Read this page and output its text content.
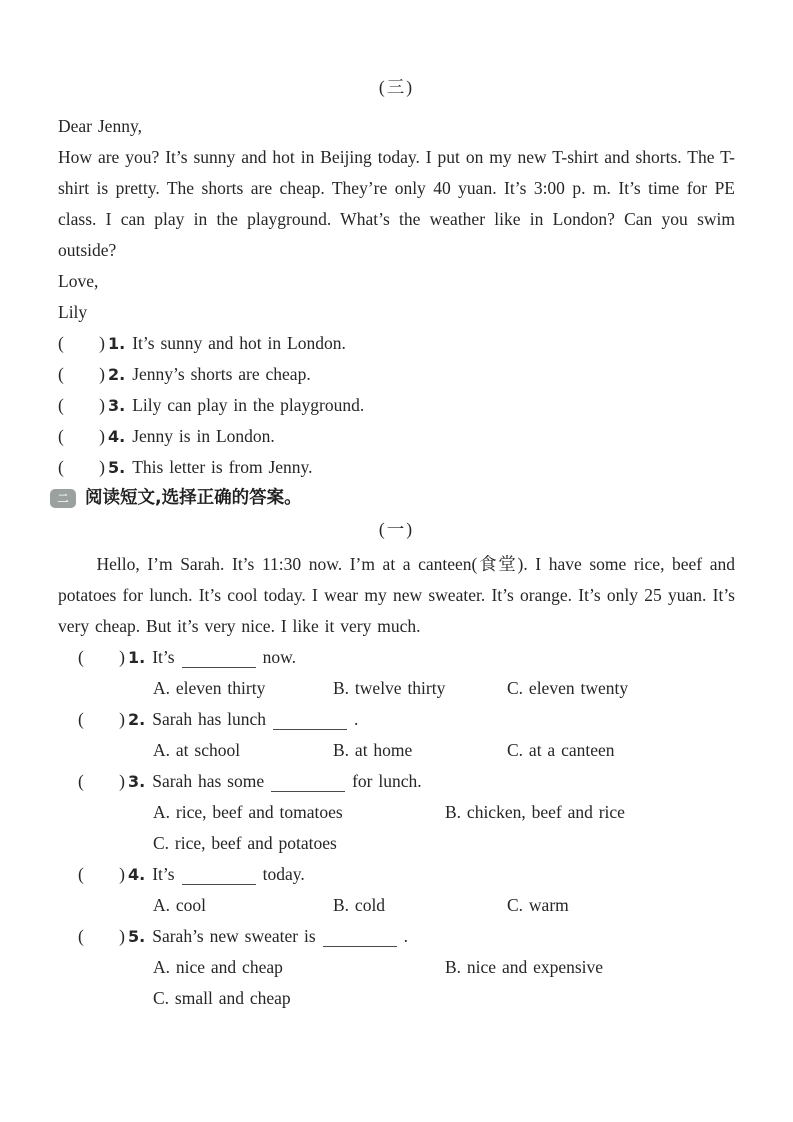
(三)
Dear Jenny,

How are you? It’s sunny and hot in Beijing today. I put on my new T-shirt and shorts. The T-shirt is pretty. The shorts are cheap. They’re only 40 yuan. It’s 3:00 p. m. It’s time for PE class. I can play in the playground. What’s the weather like in London? Can you swim outside?

Love,
Lily
( ) 1. It’s sunny and hot in London.
( ) 2. Jenny’s shorts are cheap.
( ) 3. Lily can play in the playground.
( ) 4. Jenny is in London.
( ) 5. This letter is from Jenny.
二 阅读短文,选择正确的答案。
(一)

Hello, I’m Sarah. It’s 11:30 now. I’m at a canteen(食堂). I have some rice, beef and potatoes for lunch. It’s cool today. I wear my new sweater. It’s orange. It’s only 25 yuan. It’s very cheap. But it’s very nice. I like it very much.

( ) 1. It’s	now.
A. eleven thirty	B. twelve thirty	C. eleven twenty
( ) 2. Sarah has lunch	.
A. at school	B. at home	C. at a canteen
( ) 3. Sarah has some	for lunch.
A. rice, beef and tomatoes	B. chicken, beef and rice
C. rice, beef and potatoes
( ) 4. It’s	today.
A. cool	B. cold	C. warm
( ) 5. Sarah’s new sweater is	.
A. nice and cheap	B. nice and expensive
C. small and cheap
